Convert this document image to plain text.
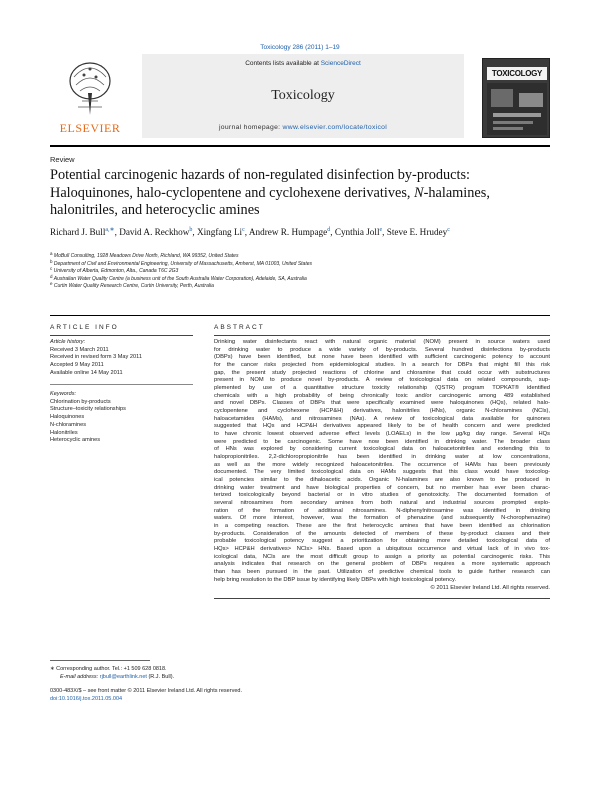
Toxicology 286 (2011) 1–19
ELSEVIER
Contents lists available at ScienceDirect
Toxicology
journal homepage: www.elsevier.com/locate/toxicol
TOXICOLOGY
Review
Potential carcinogenic hazards of non-regulated disinfection by-products:
Haloquinones, halo-cyclopentene and cyclohexene derivatives, N-halamines,
halonitriles, and heterocyclic amines
Richard J. Bull$^{a,∗}$, David A. Reckhow$^b$, Xingfang Li$^c$, Andrew R. Humpage$^d$, Cynthia Joll$^e$, Steve E. Hrudey$^c$
$^a$ MoBull Consulting, 1928 Meadows Drive North, Richland, WA 99352, United States
$^b$ Department of Civil and Environmental Engineering, University of Massachusetts, Amherst, MA 01003, United States
$^c$ University of Alberta, Edmonton, Alta., Canada T6C 2G3
$^d$ Australian Water Quality Centre (a business unit of the South Australia Water Corporation), Adelaide, SA, Australia
$^e$ Curtin Water Quality Research Centre, Curtin University, Perth, Australia
ARTICLE INFO	ABSTRACT
Article history:
Received 3 March 2011
Received in revised form 3 May 2011
Accepted 9 May 2011
Available online 14 May 2011
Keywords:
Chlorination by-products
Structure–toxicity relationships
Haloquinones
N-chloramines
Halonitriles
Heterocyclic amines
Drinking water disinfectants react with natural organic material (NOM) present in source waters used
for drinking water to produce a wide variety of by-products. Several hundred disinfections by-products
(DBPs) have been identified, but none have been identified with sufficient carcinogenic potency to account
for the cancer risks projected from epidemiological studies. In a search for DBPs that might fill this risk
gap, the present study projected reactions of chlorine and chloramine that could occur with substructures
present in NOM to produce novel by-products. A review of toxicological data on related compounds, sup-
plemented by use of a quantitative structure toxicity relationship (QSTR) program TOPKAT® identified
chemicals with a high probability of being chronically toxic and/or carcinogenic among 489 established
and novel DBPs. Classes of DBPs that were specifically examined were haloquinones (HQs), related halo-
cyclopentene and cyclohexene (HCP&H) derivatives, halonitriles (HNs), organic N-chloramines (NCls),
haloacetamides (HAMs), and nitrosamines (NAs). A review of toxicological data available for quinones
suggested that HQs and HCP&H derivatives appeared likely to be of health concern and were predicted
to have chronic lowest observed adverse effect levels (LOAELs) in the low µg/kg day range. Several HQs
were predicted to be carcinogenic. Some have now been identified in drinking water. The broader class
of HNs was explored by considering current toxicological data on haloacetonitriles and extending this to
halopropionitriles. 2,2-dichloropropionitrile has been identified in drinking water at low concentrations,
as well as the more widely recognized haloacetonitriles. The occurrence of HAMs has been previously
documented. The very limited toxicological data on HAMs suggests that this class would have toxicolog-
ical potencies similar to the dihaloacetic acids. Organic N-halamines are also known to be produced in
drinking water treatment and have biological properties of concern, but no member has ever been charac-
terized toxicologically beyond bacterial or in vitro studies of genotoxicity. The documented formation of
several nitrosamines from secondary amines from both natural and industrial sources prompted explo-
ration of the formation of additional nitrosamines. N-diphenylnitrosamine was identified in drinking
waters. Of more interest, however, was the formation of phenazine (and subsequently N-chorophenazine)
in a competing reaction. These are the first heterocyclic amines that have been identified as chlorination
by-products. Consideration of the amounts detected of members of these by-product classes and their
probable toxicological potency suggest a prioritization for obtaining more detailed toxicological data of
HQs> HCP&H derivatives> NCls> HNs. Based upon a ubiquitous occurrence and virtual lack of in vivo tox-
icological data, NCls are the most difficult group to assign a priority as potential carcinogenic risks. This
analysis indicates that research on the general problem of DBPs requires a more systematic approach
than has been pursued in the past. Utilization of predictive chemical tools to guide further research can
help bring resolution to the DBP issue by identifying likely DBPs with high toxicological potency.
© 2011 Elsevier Ireland Ltd. All rights reserved.
∗ Corresponding author. Tel.: +1 509 628 0818.
E-mail address: rjbull@earthlink.net (R.J. Bull).
0300-483X/$ – see front matter © 2011 Elsevier Ireland Ltd. All rights reserved.
doi:10.1016/j.tox.2011.05.004
